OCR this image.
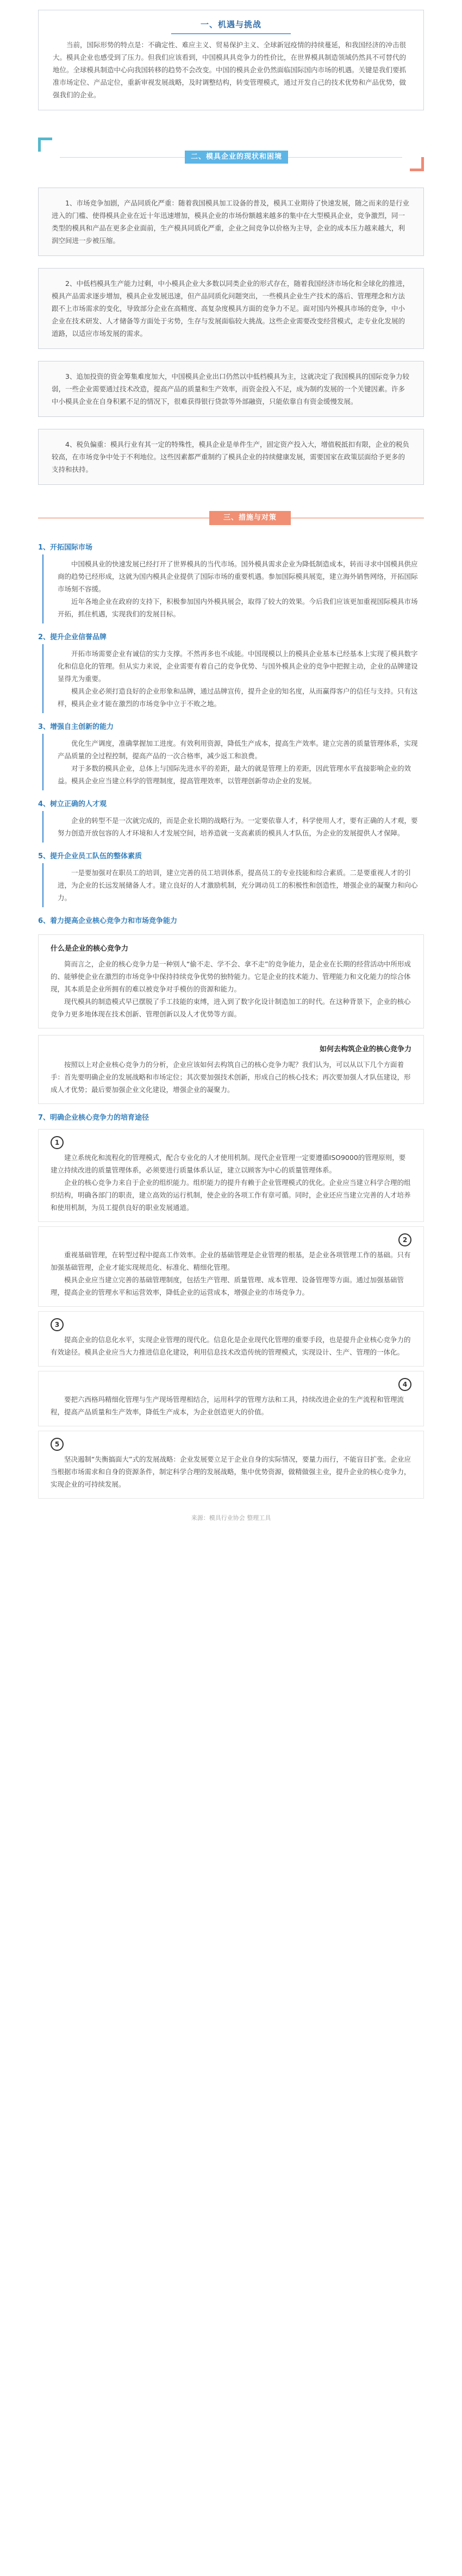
一、机遇与挑战

当前，国际形势的特点是：不确定性、难应主义、贸易保护主义、全球新冠疫情的持续蔓延，和我国经济的冲击很大。模具企业也感受到了压力。但我们应该看到，中国模具具竞争力的性价比，在世界模具制造领域仍然具不可替代的地位。全球模具制造中心向我国转移的趋势不会改变。中国的模具企业仍然面临国际国内市场的机遇。关键是我们要抓准市场定位、产品定位，重新审视发展战略，及时调整结构，转变管理模式，通过开发自己的技术优势和产品优势，做强我们的企业。

二、模具企业的现状和困境

1、市场竞争加剧，产品同质化严重：随着我国模具加工设备的普及，模具工业期待了快速发展，随之而来的是行业进入的门槛、使得模具企业在近十年迅速增加，模具企业的市场份额越来越多的集中在大型模具企业，竞争激烈，同一类型的模具和产品在更多企业面前，生产模具同质化严重，企业之间竞争以价格为主导，企业的成本压力越来越大，利润空间进一步被压缩。

2、中低档模具生产能力过剩，中小模具企业大多数以同类企业的形式存在，随着我国经济市场化和全球化的推进，模具产品需求逐步增加，模具企业发展迅速，但产品同质化问题突出，一些模具企业生产技术的落后、管理理念和方法跟不上市场需求的变化，导致部分企业在高精度、高复杂度模具方面的竞争力不足。面对国内外模具市场的竞争，中小企业在技术研发、人才储备等方面处于劣势，生存与发展面临较大挑战。这些企业需要改变经营模式，走专业化发展的道路，以适应市场发展的需求。

3、追加投资的资金筹集难度加大，中国模具企业出口仍然以中低档模具为主，这就决定了我国模具的国际竞争力较弱，一些企业需要通过技术改造，提高产品的质量和生产效率，而资金投入不足，成为制约发展的一个关键因素。许多中小模具企业在自身积累不足的情况下，很难获得银行贷款等外部融资，只能依靠自有资金缓慢发展。

4、税负偏重：模具行业有其一定的特殊性，模具企业是单件生产，固定资产投入大，增值税抵扣有限，企业的税负较高，在市场竞争中处于不利地位。这些因素都严重制约了模具企业的持续健康发展，需要国家在政策层面给予更多的支持和扶持。

三、措施与对策
1、开拓国际市场

中国模具业的快速发展已经打开了世界模具的当代市场。国外模具需求企业为降低制造成本，转而寻求中国模具供应商的趋势已经形成，这就为国内模具企业提供了国际市场的重要机遇。参加国际模具展览，建立海外销售网络，开拓国际市场刻不容缓。

近年各地企业在政府的支持下，积极参加国内外模具展会，取得了较大的效果。今后我们应该更加重视国际模具市场开拓，抓住机遇，实现我们的发展目标。

2、提升企业信誉品牌

开拓市场需要企业有诚信的实力支撑。不然再多也不成能。中国现模以上的模具企业基本已经基本上实现了模具数字化和信息化的管理。但从实力来说，企业需要有着自己的竞争优势、与国外模具企业的竞争中把握主动，企业的品牌建设显得尤为重要。

模具企业必须打造良好的企业形象和品牌，通过品牌宣传，提升企业的知名度，从而赢得客户的信任与支持。只有这样，模具企业才能在激烈的市场竞争中立于不败之地。

3、增强自主创新的能力

优化生产调度，准确掌握加工进度。有效利用资源，降低生产成本，提高生产效率。建立完善的质量管理体系，实现产品质量的全过程控制，提高产品的一次合格率，减少返工和浪费。

对于多数的模具企业，总体上与国际先进水平的差距，最大的就是管理上的差距，因此管理水平直接影响企业的效益。模具企业应当建立科学的管理制度，提高管理效率，以管理创新带动企业的发展。

4、树立正确的人才观

企业的转型不是一次就完成的，而是企业长期的战略行为。一定要依靠人才，科学使用人才，要有正确的人才观，要努力创造开放包容的人才环境和人才发展空间，培养造就一支高素质的模具人才队伍，为企业的发展提供人才保障。

5、提升企业员工队伍的整体素质

一是要加强对在职员工的培训，建立完善的员工培训体系，提高员工的专业技能和综合素质。二是要重视人才的引进，为企业的长远发展储备人才。建立良好的人才激励机制，充分调动员工的积极性和创造性，增强企业的凝聚力和向心力。

6、着力提高企业核心竞争力和市场竞争能力
什么是企业的核心竞争力

简而言之，企业的核心竞争力是一种别人“偷不走、学不会、拿不走”的竞争能力，是企业在长期的经营活动中所形成的、能够使企业在激烈的市场竞争中保持持续竞争优势的独特能力。它是企业的技术能力、管理能力和文化能力的综合体现，其本质是企业所拥有的难以被竞争对手模仿的资源和能力。

现代模具的制造模式早已摆脱了手工技能的束缚，进入到了数字化设计制造加工的时代。在这种背景下，企业的核心竞争力更多地体现在技术创新、管理创新以及人才优势等方面。

如何去构筑企业的核心竞争力

按照以上对企业核心竞争力的分析，企业应该如何去构筑自己的核心竞争力呢？我们认为，可以从以下几个方面着手：首先要明确企业的发展战略和市场定位；其次要加强技术创新，形成自己的核心技术；再次要加强人才队伍建设，形成人才优势；最后要加强企业文化建设，增强企业的凝聚力。

7、明确企业核心竞争力的培育途径
1

建立系统化和流程化的管理模式，配合专业化的人才使用机制。现代企业管理一定要遵循ISO9000的管理原则，要建立持续改进的质量管理体系，必须要进行质量体系认证，建立以顾客为中心的质量管理体系。

企业的核心竞争力来自于企业的组织能力。组织能力的提升有赖于企业管理模式的优化。企业应当建立科学合理的组织结构，明确各部门的职责，建立高效的运行机制，使企业的各项工作有章可循。同时，企业还应当建立完善的人才培养和使用机制，为员工提供良好的职业发展通道。

2

重视基础管理，在转型过程中提高工作效率。企业的基础管理是企业管理的根基，是企业各项管理工作的基础。只有加强基础管理，企业才能实现规范化、标准化、精细化管理。

模具企业应当建立完善的基础管理制度，包括生产管理、质量管理、成本管理、设备管理等方面。通过加强基础管理，提高企业的管理水平和运营效率，降低企业的运营成本，增强企业的市场竞争力。

3

提高企业的信息化水平，实现企业管理的现代化。信息化是企业现代化管理的重要手段，也是提升企业核心竞争力的有效途径。模具企业应当大力推进信息化建设，利用信息技术改造传统的管理模式，实现设计、生产、管理的一体化。

4

要把六西格玛精细化管理与生产现场管理相结合，运用科学的管理方法和工具，持续改进企业的生产流程和管理流程，提高产品质量和生产效率，降低生产成本，为企业创造更大的价值。

5

坚决遏制“失衡搞面大”式的发展战略：企业发展要立足于企业自身的实际情况，要量力而行，不能盲目扩张。企业应当根据市场需求和自身的资源条件，制定科学合理的发展战略，集中优势资源，做精做强主业，提升企业的核心竞争力，实现企业的可持续发展。

来源：模具行业协会 整理工具
